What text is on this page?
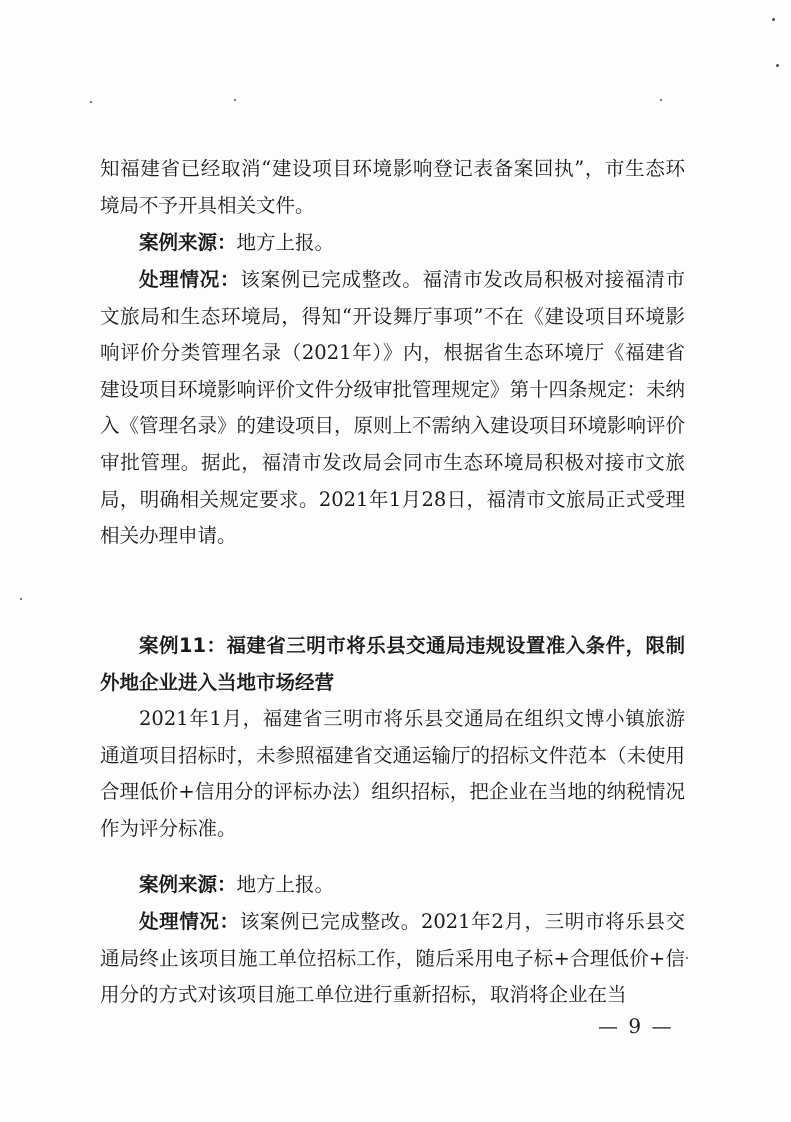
知福建省已经取消“建设项目环境影响登记表备案回执”，市生态环境局不予开具相关文件。

案例来源：地方上报。

处理情况：该案例已完成整改。福清市发改局积极对接福清市文旅局和生态环境局，得知“开设舞厅事项”不在《建设项目环境影响评价分类管理名录（2021年）》内，根据省生态环境厅《福建省建设项目环境影响评价文件分级审批管理规定》第十四条规定：未纳入《管理名录》的建设项目，原则上不需纳入建设项目环境影响评价审批管理。据此，福清市发改局会同市生态环境局积极对接市文旅局，明确相关规定要求。2021年1月28日，福清市文旅局正式受理相关办理申请。

案例11：福建省三明市将乐县交通局违规设置准入条件，限制外地企业进入当地市场经营

2021年1月，福建省三明市将乐县交通局在组织文博小镇旅游通道项目招标时，未参照福建省交通运输厅的招标文件范本（未使用合理低价+信用分的评标办法）组织招标，把企业在当地的纳税情况作为评分标准。

案例来源：地方上报。

处理情况：该案例已完成整改。2021年2月，三明市将乐县交通局终止该项目施工单位招标工作，随后采用电子标+合理低价+信用分的方式对该项目施工单位进行重新招标，取消将企业在当

— 9 —
